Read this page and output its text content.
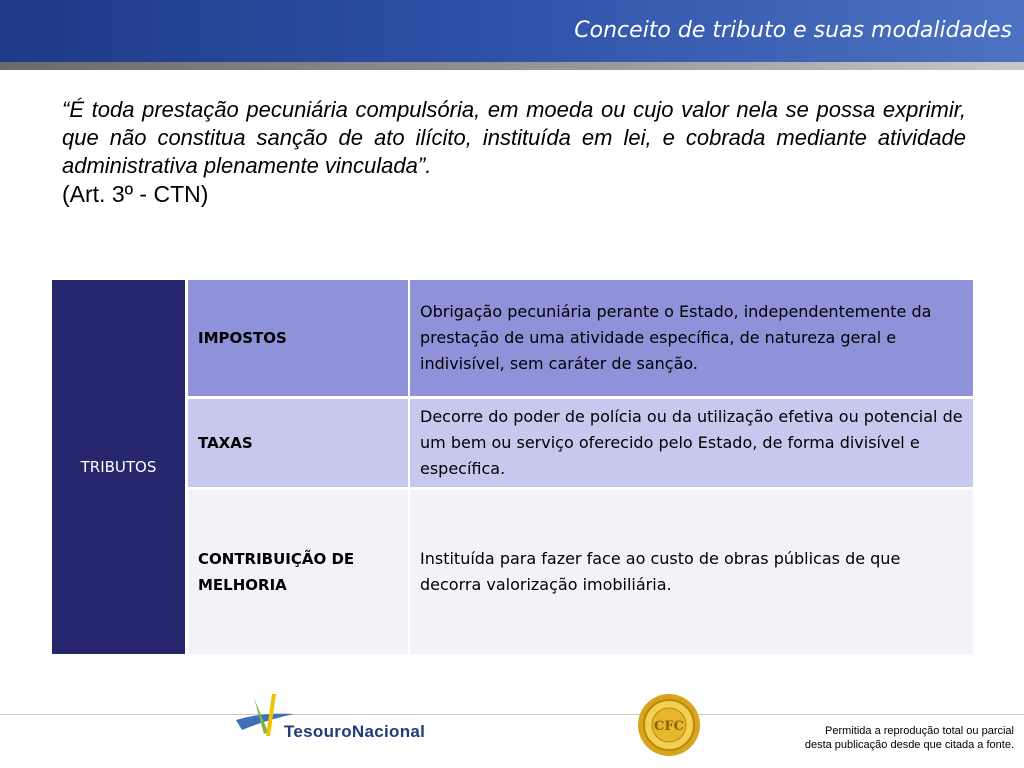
Conceito de tributo e suas modalidades

“É toda prestação pecuniária compulsória, em moeda ou cujo valor nela se possa exprimir, que não constitua sanção de ato ilícito, instituída em lei, e cobrada mediante atividade administrativa plenamente vinculada”.

(Art. 3º - CTN)

TRIBUTOS
IMPOSTOS
Obrigação pecuniária perante o Estado, independentemente da prestação de uma atividade específica, de natureza geral e indivisível, sem caráter de sanção.
TAXAS
Decorre do poder de polícia ou da utilização efetiva ou potencial de um bem ou serviço oferecido pelo Estado, de forma divisível e específica.
CONTRIBUIÇÃO DE MELHORIA
Instituída para fazer face ao custo de obras públicas de que decorra valorização imobiliária.
TesouroNacional	CFC	Permitida a reprodução total ou parcial
desta publicação desde que citada a fonte.
